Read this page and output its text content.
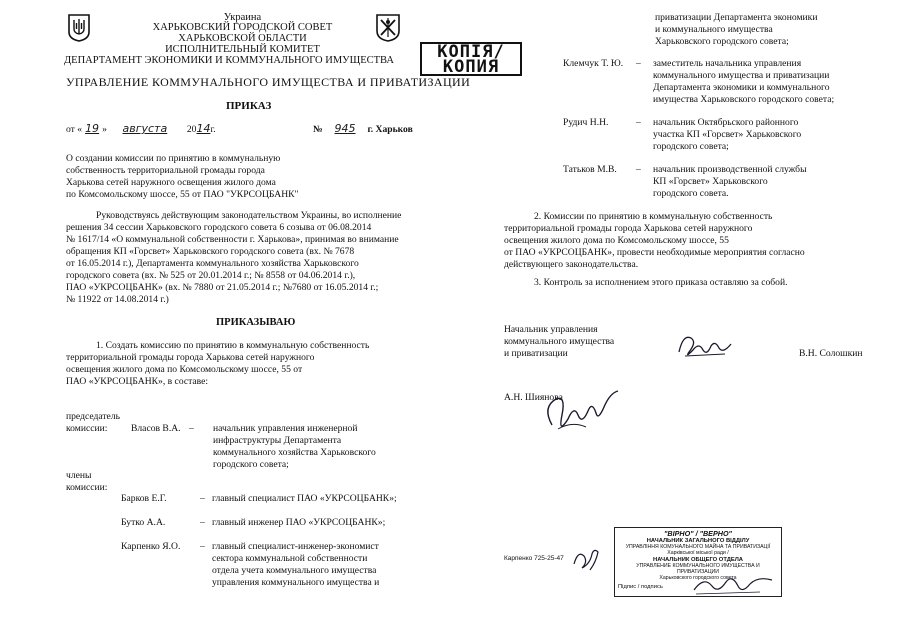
Украина
ХАРЬКОВСКИЙ ГОРОДСКОЙ СОВЕТ
ХАРЬКОВСКОЙ ОБЛАСТИ
ИСПОЛНИТЕЛЬНЫЙ КОМИТЕТ
ДЕПАРТАМЕНТ ЭКОНОМИКИ И КОММУНАЛЬНОГО ИМУЩЕСТВА
УПРАВЛЕНИЕ КОММУНАЛЬНОГО ИМУЩЕСТВА И ПРИВАТИЗАЦИИ
КОПІЯ/
КОПИЯ
ПРИКАЗ
от « 19 » августа 2014г.	№ 945 г. Харьков
О создании комиссии по принятию в коммунальную
собственность территориальной громады города
Харькова сетей наружного освещения жилого дома
по Комсомольскому шоссе, 55 от ПАО "УКРСОЦБАНК"
Руководствуясь действующим законодательством Украины, во исполнение
решения 34 сессии Харьковского городского совета 6 созыва от 06.08.2014
№ 1617/14 «О коммунальной собственности г. Харькова», принимая во внимание
обращения КП «Горсвет» Харьковского городского совета (вх. № 7678
от 16.05.2014 г.), Департамента коммунального хозяйства Харьковского
городского совета (вх. № 525 от 20.01.2014 г.; № 8558 от 04.06.2014 г.),
ПАО «УКРСОЦБАНК» (вх. № 7880 от 21.05.2014 г.; №7680 от 16.05.2014 г.;
№ 11922 от 14.08.2014 г.)
ПРИКАЗЫВАЮ
1. Создать комиссию по принятию в коммунальную собственность
территориальной громады города Харькова сетей наружного
освещения жилого дома по Комсомольскому шоссе, 55 от
ПАО «УКРСОЦБАНК», в составе:
председатель
комиссии:	Власов В.А. – начальник управления инженерной
инфраструктуры Департамента
коммунального хозяйства Харьковского
городского совета;
члены
комиссии:
Барков Е.Г.	– главный специалист ПАО «УКРСОЦБАНК»;
Бутко А.А.	– главный инженер ПАО «УКРСОЦБАНК»;
Карпенко Я.О. – главный специалист-инженер-экономист
сектора коммунальной собственности
отдела учета коммунального имущества
управления коммунального имущества и
приватизации Департамента экономики
и коммунального имущества
Харьковского городского совета;
Клемчук Т. Ю. – заместитель начальника управления
коммунального имущества и приватизации
Департамента экономики и коммунального
имущества Харьковского городского совета;
Рудич Н.Н.	– начальник Октябрьского районного
участка КП «Горсвет» Харьковского
городского совета;
Татьков М.В. – начальник производственной службы
КП «Горсвет» Харьковского
городского совета.
2. Комиссии по принятию в коммунальную собственность
территориальной громады города Харькова сетей наружного
освещения жилого дома по Комсомольскому шоссе, 55
от ПАО «УКРСОЦБАНК», провести необходимые мероприятия согласно
действующего законодательства.
3. Контроль за исполнением этого приказа оставляю за собой.
Начальник управления
коммунального имущества
и приватизации	В.Н. Солошкин
А.Н. Шиянова
Карпенко 725-25-47
"ВІРНО" / "ВЕРНО"
НАЧАЛЬНИК ЗАГАЛЬНОГО ВІДДІЛУ
УПРАВЛІННЯ КОМУНАЛЬНОГО МАЙНА ТА ПРИВАТИЗАЦІЇ
Харківської міської ради /
НАЧАЛЬНИК ОБЩЕГО ОТДЕЛА
УПРАВЛЕНИЕ КОММУНАЛЬНОГО ИМУЩЕСТВА И ПРИВАТИЗАЦИИ
Харьковского городского совета
Підпис / подпись
